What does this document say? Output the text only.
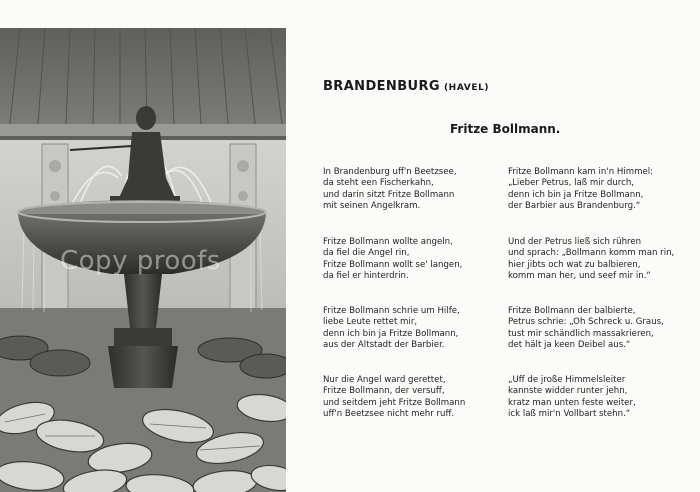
Copy proofs
BRANDENBURG (HAVEL)
Fritze Bollmann.
In Brandenburg uff'n Beetzsee,
da steht een Fischerkahn,
und darin sitzt Fritze Bollmann
mit seinen Angelkram.
Fritze Bollmann wollte angeln,
da fiel die Angel rin,
Fritze Bollmann wollt se' langen,
da fiel er hinterdrin.
Fritze Bollmann schrie um Hilfe,
liebe Leute rettet mir,
denn ich bin ja Fritze Bollmann,
aus der Altstadt der Barbier.
Nur die Angel ward gerettet,
Fritze Bollmann, der versuff,
und seitdem jeht Fritze Bollmann
uff'n Beetzsee nicht mehr ruff.
Fritze Bollmann kam in'n Himmel:
„Lieber Petrus, laß mir durch,
denn ich bin ja Fritze Bollmann,
der Barbier aus Brandenburg.“
Und der Petrus ließ sich rühren
und sprach: „Bollmann komm man rin,
hier jibts och wat zu balbieren,
komm man her, und seef mir in.“
Fritze Bollmann der balbierte,
Petrus schrie: „Oh Schreck u. Graus,
tust mir schändlich massakrieren,
det hält ja keen Deibel aus.“
„Uff de jroße Himmelsleiter
kannste widder runter jehn,
kratz man unten feste weiter,
ick laß mir'n Vollbart stehn.“
